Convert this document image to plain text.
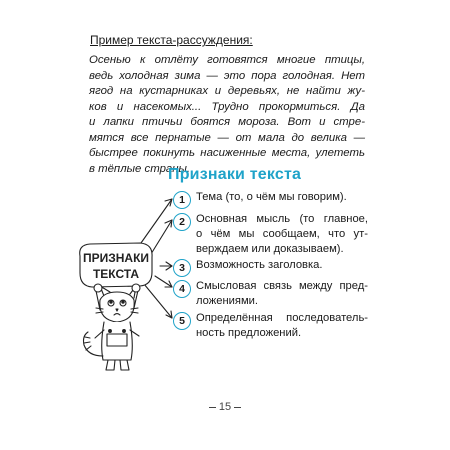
Пример текста-рассуждения:
Осенью к отлёту готовятся многие птицы,
ведь холодная зима — это пора голодная. Нет
ягод на кустарниках и деревьях, не найти жу-
ков и насекомых... Трудно прокормиться. Да
и лапки птичьи боятся мороза. Вот и стре-
мятся все пернатые — от мала до велика —
быстрее покинуть насиженные места, улететь
в тёплые страны.
Признаки текста
ПРИЗНАКИ
ТЕКСТА
1 Тема (то, о чём мы говорим).
2 Основная мысль (то главное,
о чём мы сообщаем, что ут-
верждаем или доказываем).
3 Возможность заголовка.
4 Смысловая связь между пред-
ложениями.
5 Определённая последователь-
ность предложений.
15
